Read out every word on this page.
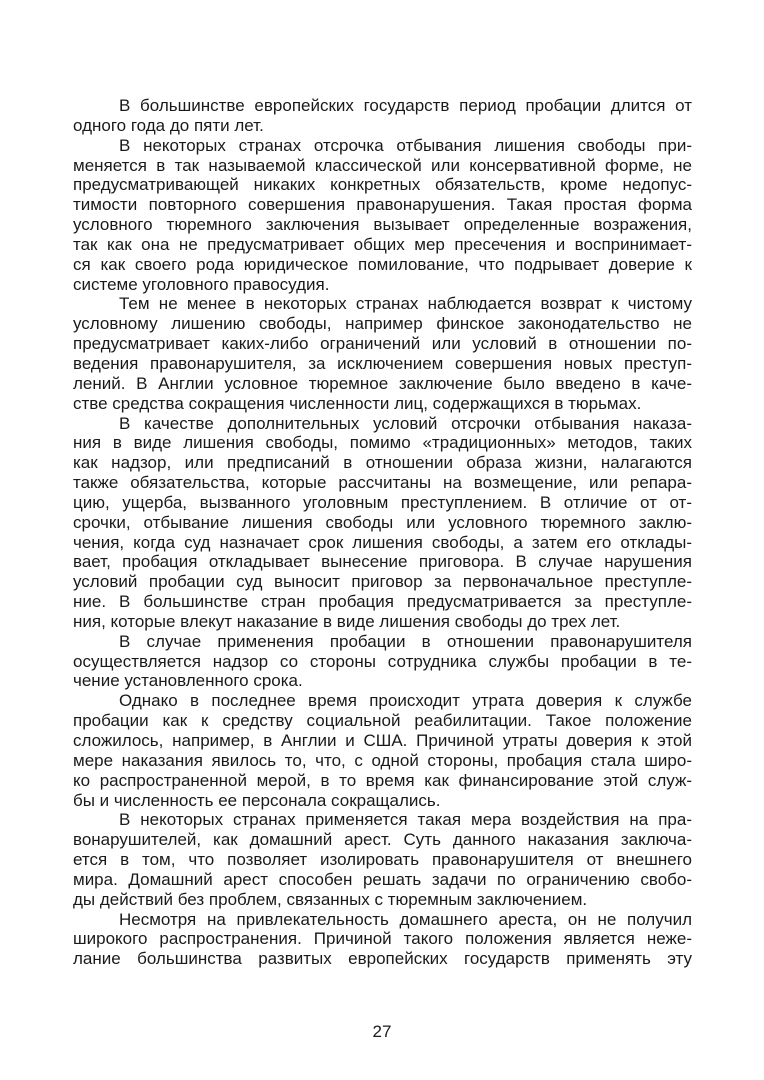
В большинстве европейских государств период пробации длится от
одного года до пяти лет.
В некоторых странах отсрочка отбывания лишения свободы при-
меняется в так называемой классической или консервативной форме, не
предусматривающей никаких конкретных обязательств, кроме недопус-
тимости повторного совершения правонарушения. Такая простая форма
условного тюремного заключения вызывает определенные возражения,
так как она не предусматривает общих мер пресечения и воспринимает-
ся как своего рода юридическое помилование, что подрывает доверие к
системе уголовного правосудия.
Тем не менее в некоторых странах наблюдается возврат к чистому
условному лишению свободы, например финское законодательство не
предусматривает каких-либо ограничений или условий в отношении по-
ведения правонарушителя, за исключением совершения новых преступ-
лений. В Англии условное тюремное заключение было введено в каче-
стве средства сокращения численности лиц, содержащихся в тюрьмах.
В качестве дополнительных условий отсрочки отбывания наказа-
ния в виде лишения свободы, помимо «традиционных» методов, таких
как надзор, или предписаний в отношении образа жизни, налагаются
также обязательства, которые рассчитаны на возмещение, или репара-
цию, ущерба, вызванного уголовным преступлением. В отличие от от-
срочки, отбывание лишения свободы или условного тюремного заклю-
чения, когда суд назначает срок лишения свободы, а затем его отклады-
вает, пробация откладывает вынесение приговора. В случае нарушения
условий пробации суд выносит приговор за первоначальное преступле-
ние. В большинстве стран пробация предусматривается за преступле-
ния, которые влекут наказание в виде лишения свободы до трех лет.
В случае применения пробации в отношении правонарушителя
осуществляется надзор со стороны сотрудника службы пробации в те-
чение установленного срока.
Однако в последнее время происходит утрата доверия к службе
пробации как к средству социальной реабилитации. Такое положение
сложилось, например, в Англии и США. Причиной утраты доверия к этой
мере наказания явилось то, что, с одной стороны, пробация стала широ-
ко распространенной мерой, в то время как финансирование этой служ-
бы и численность ее персонала сокращались.
В некоторых странах применяется такая мера воздействия на пра-
вонарушителей, как домашний арест. Суть данного наказания заключа-
ется в том, что позволяет изолировать правонарушителя от внешнего
мира. Домашний арест способен решать задачи по ограничению свобо-
ды действий без проблем, связанных с тюремным заключением.
Несмотря на привлекательность домашнего ареста, он не получил
широкого распространения. Причиной такого положения является неже-
лание большинства развитых европейских государств применять эту
27
